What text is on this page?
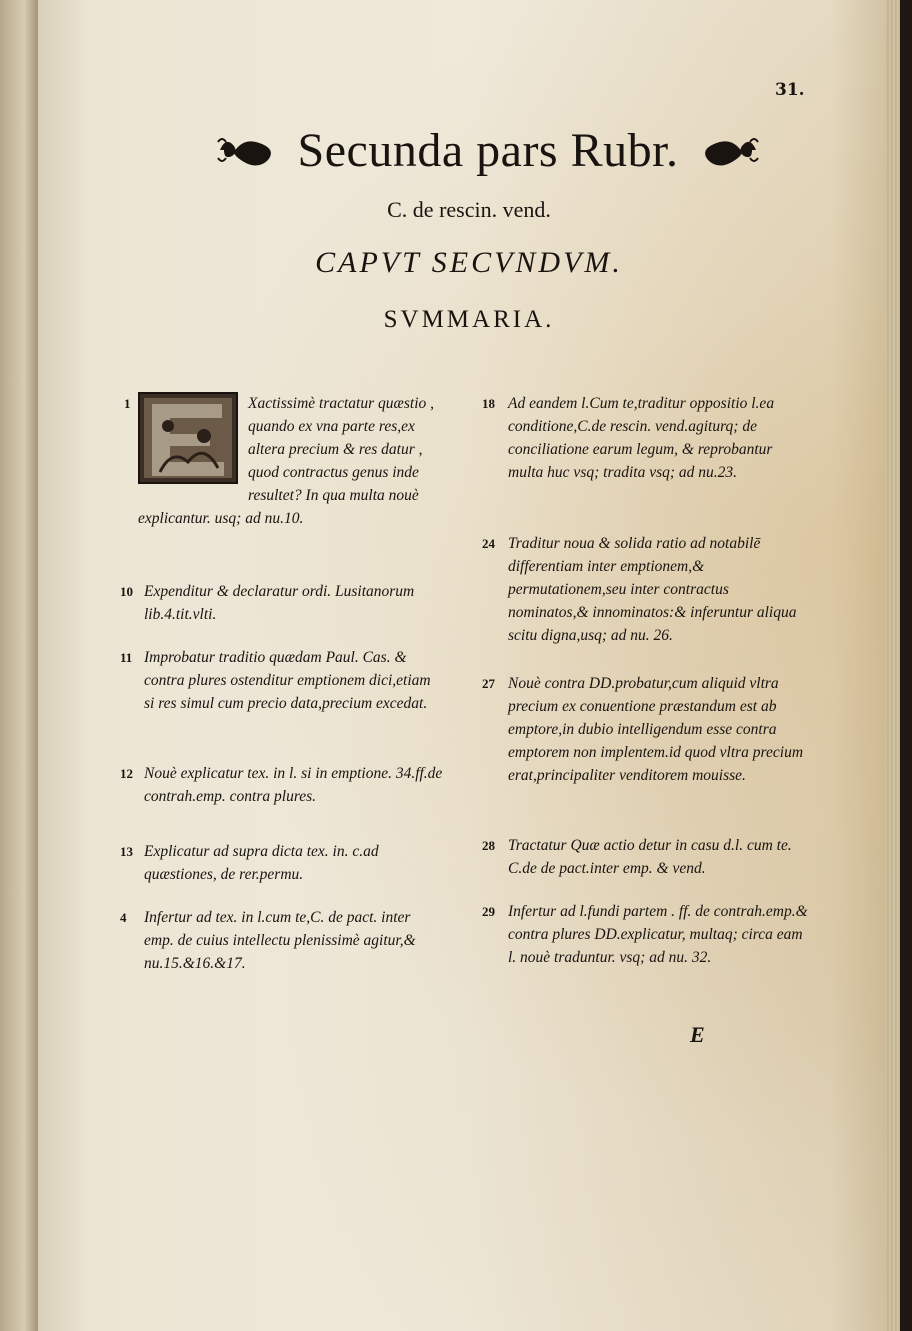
31.
Secunda pars Rubr.
C. de rescin. vend.
CAPVT SECVNDVM.
SVMMARIA.
1	Xactissimè tractatur quæstio , quando ex vna parte res,ex altera precium & res datur , quod contractus genus inde resultet? In qua multa nouè explicantur. usq; ad nu.10.
10 Expenditur & declaratur ordi. Lusitanorum lib.4.tit.vlti.
11 Improbatur traditio quædam Paul. Cas. & contra plures ostenditur emptionem dici,etiam si res simul cum precio data,precium excedat.
12 Nouè explicatur tex. in l. si in emptione. 34.ff.de contrah.emp. contra plures.
13 Explicatur ad supra dicta tex. in. c.ad quæstiones, de rer.permu.
4 Infertur ad tex. in l.cum te,C. de pact. inter emp. de cuius intellectu plenissimè agitur,& nu.15.&16.&17.
18 Ad eandem l.Cum te,traditur oppositio l.ea conditione,C.de rescin. vend.agiturq; de conciliatione earum legum, & reprobantur multa huc vsq; tradita vsq; ad nu.23.
24 Traditur noua & solida ratio ad notabilē differentiam inter emptionem,& permutationem,seu inter contractus nominatos,& innominatos:& inferuntur aliqua scitu digna,usq; ad nu. 26.
27 Nouè contra DD.probatur,cum aliquid vltra precium ex conuentione præstandum est ab emptore,in dubio intelligendum esse contra emptorem non implentem.id quod vltra precium erat,principaliter venditorem mouisse.
28 Tractatur Quæ actio detur in casu d.l. cum te. C.de de pact.inter emp. & vend.
29 Infertur ad l.fundi partem . ff. de contrah.emp.& contra plures DD.explicatur, multaq; circa eam l. nouè traduntur. vsq; ad nu. 32.
E
